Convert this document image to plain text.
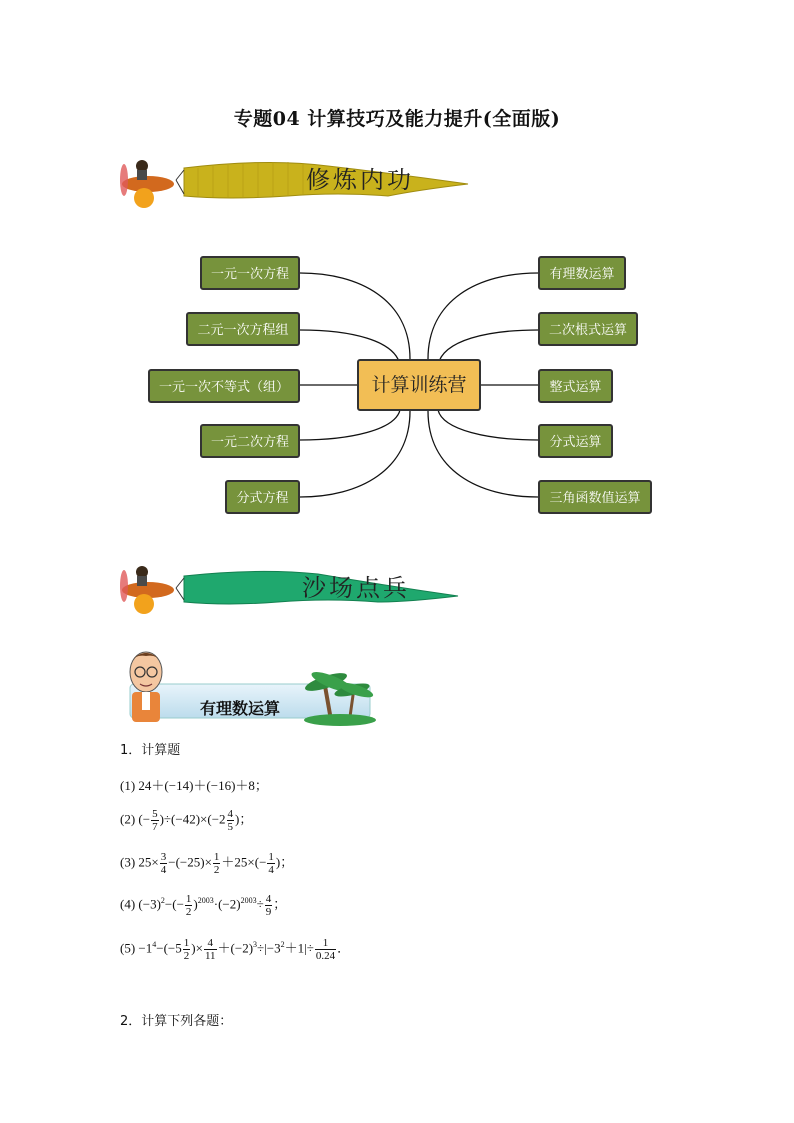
专题04 计算技巧及能力提升(全面版)
修炼内功
计算训练营
一元一次方程
二元一次方程组
一元一次不等式（组）
一元二次方程
分式方程
有理数运算
二次根式运算
整式运算
分式运算
三角函数值运算
沙场点兵
有理数运算
1．计算题
(1) 24＋(−14)＋(−16)＋8；
(2) (− $\frac{5}{7} )\div(-42)\times(-2 \frac{4}{5}$ )；
(3) $25\times \frac{3}{4} -(-25)\times \frac{1}{2} +25\times(- \frac{1}{4}$ )；
(4) $(-3)^2-(- \frac{1}{2} )^{2003}\cdot(-2)^{2003}\div \frac{4}{9}$ ；
$(5) -1^4-(-5 \frac{1}{2}$ )× $\frac{4}{11} +(-2)^3\div|-3^2+1|\div \frac{1}{0.24}$ ．
2．计算下列各题：
